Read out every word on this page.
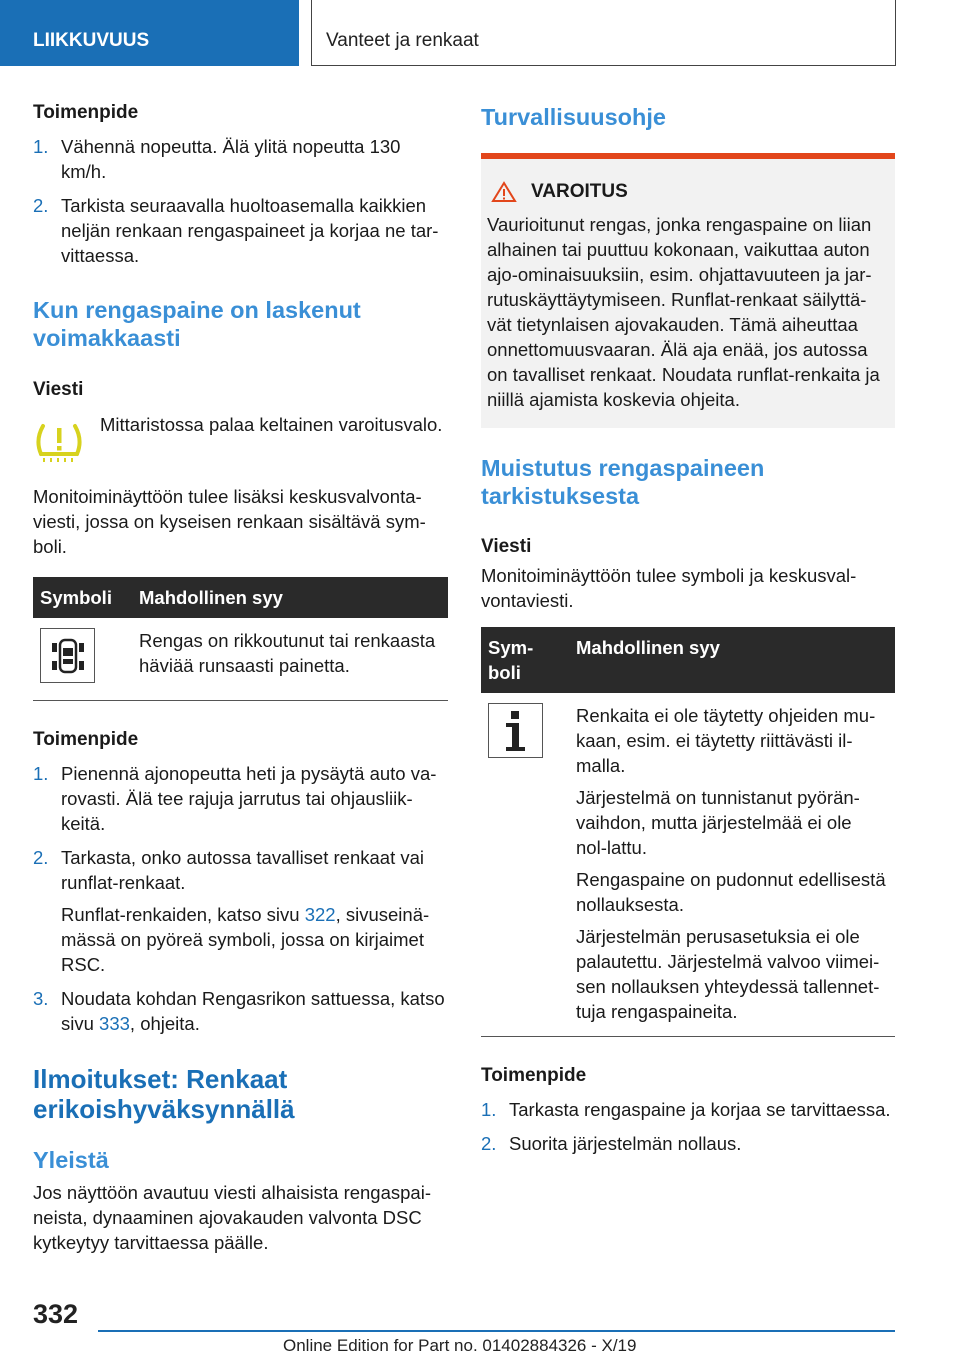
LIIKKUVUUS	Vanteet ja renkaat

Toimenpide

1. Vähennä nopeutta. Älä ylitä nopeutta 130 km/h.
2. Tarkista seuraavalla huoltoasemalla kaikkien neljän renkaan rengaspaineet ja korjaa ne tar-vittaessa.
Kun rengaspaine on laskenut voimakkaasti

Viesti

Mittaristossa palaa keltainen varoitusvalo.

Monitoiminäyttöön tulee lisäksi keskusvalvonta-viesti, jossa on kyseisen renkaan sisältävä sym-boli.

Symboli	Mahdollinen syy

	Rengas on rikkoutunut tai renkaasta häviää runsaasti painetta.

Toimenpide

1. Pienennä ajonopeutta heti ja pysäytä auto va-rovasti. Älä tee rajuja jarrutus tai ohjausliik-keitä.
2. Tarkasta, onko autossa tavalliset renkaat vai runflat-renkaat.
Runflat-renkaiden, katso sivu 322, sivuseinä-mässä on pyöreä symboli, jossa on kirjaimet RSC.
3. Noudata kohdan Rengasrikon sattuessa, katso sivu 333, ohjeita.
Ilmoitukset: Renkaat erikoishyväksynnällä
Yleistä

Jos näyttöön avautuu viesti alhaisista rengaspai-neista, dynaaminen ajovakauden valvonta DSC kytkeytyy tarvittaessa päälle.

Turvallisuusohje
VAROITUS

Vaurioitunut rengas, jonka rengaspaine on liian alhainen tai puuttuu kokonaan, vaikuttaa auton ajo-ominaisuuksiin, esim. ohjattavuuteen ja jar-rutuskäyttäytymiseen. Runflat-renkaat säilyttä-vät tietynlaisen ajovakauden. Tämä aiheuttaa onnettomuusvaaran. Älä aja enää, jos autossa on tavalliset renkaat. Noudata runflat-renkaita ja niillä ajamista koskevia ohjeita.

Muistutus rengaspaineen tarkistuksesta

Viesti

Monitoiminäyttöön tulee symboli ja keskusval-vontaviesti.

Sym-boli	Mahdollinen syy

Renkaita ei ole täytetty ohjeiden mu-kaan, esim. ei täytetty riittävästi il-malla.
Järjestelmä on tunnistanut pyörän-vaihdon, mutta järjestelmää ei ole nol-lattu.
Rengaspaine on pudonnut edellisestä nollauksesta.
Järjestelmän perusasetuksia ei ole palautettu. Järjestelmä valvoo viimei-sen nollauksen yhteydessä tallennet-tuja rengaspaineita.

Toimenpide

1. Tarkasta rengaspaine ja korjaa se tarvittaessa.
2. Suorita järjestelmän nollaus.
332
Online Edition for Part no. 01402884326 - X/19
